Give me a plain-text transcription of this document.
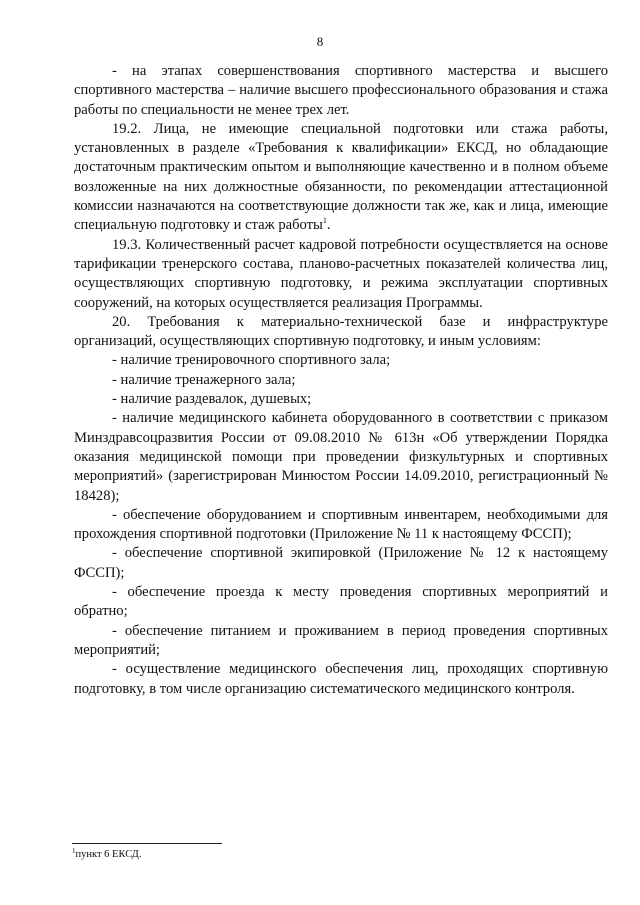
8

- на этапах совершенствования спортивного мастерства и высшего спортивного мастерства – наличие высшего профессионального образования и стажа работы по специальности не менее трех лет.

19.2. Лица, не имеющие специальной подготовки или стажа работы, установленных в разделе «Требования к квалификации» ЕКСД, но обладающие достаточным практическим опытом и выполняющие качественно и в полном объеме возложенные на них должностные обязанности, по рекомендации аттестационной комиссии назначаются на соответствующие должности так же, как и лица, имеющие специальную подготовку и стаж работы$^1$.

19.3. Количественный расчет кадровой потребности осуществляется на основе тарификации тренерского состава, планово-расчетных показателей количества лиц, осуществляющих спортивную подготовку, и режима эксплуатации спортивных сооружений, на которых осуществляется реализация Программы.

20. Требования к материально-технической базе и инфраструктуре организаций, осуществляющих спортивную подготовку, и иным условиям:

- наличие тренировочного спортивного зала;

- наличие тренажерного зала;

- наличие раздевалок, душевых;

- наличие медицинского кабинета оборудованного в соответствии с приказом Минздравсоцразвития России от 09.08.2010 № 613н «Об утверждении Порядка оказания медицинской помощи при проведении физкультурных и спортивных мероприятий» (зарегистрирован Минюстом России 14.09.2010, регистрационный № 18428);

- обеспечение оборудованием и спортивным инвентарем, необходимыми для прохождения спортивной подготовки (Приложение № 11 к настоящему ФССП);

- обеспечение спортивной экипировкой (Приложение № 12 к настоящему ФССП);

- обеспечение проезда к месту проведения спортивных мероприятий и обратно;

- обеспечение питанием и проживанием в период проведения спортивных мероприятий;

- осуществление медицинского обеспечения лиц, проходящих спортивную подготовку, в том числе организацию систематического медицинского контроля.

$^1$пункт 6 ЕКСД.
